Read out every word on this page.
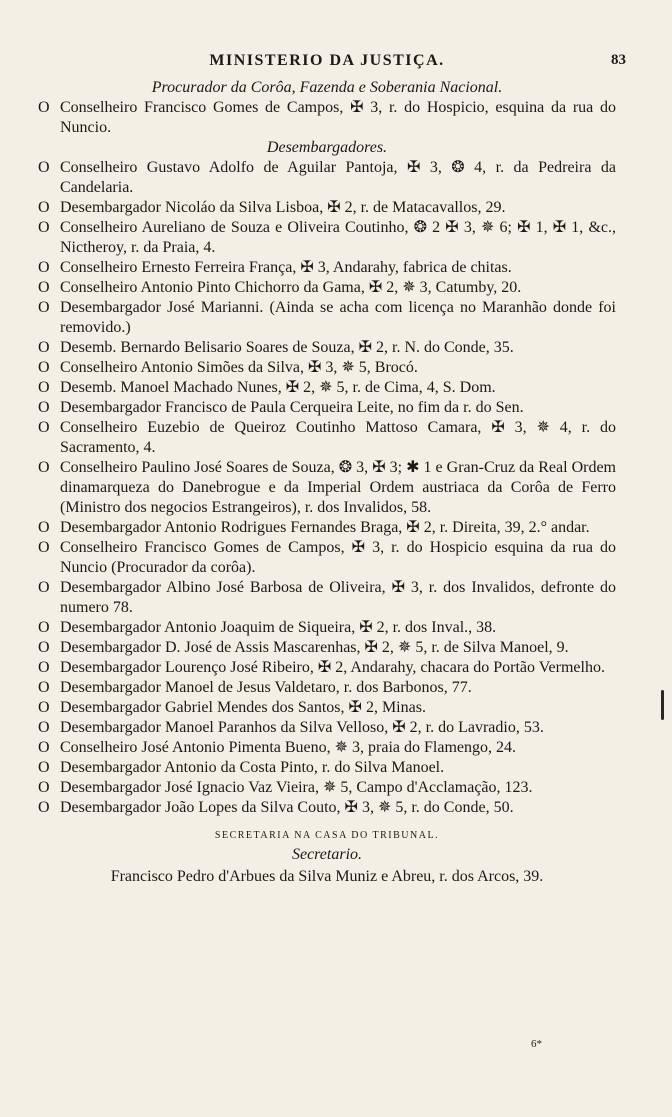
MINISTERIO DA JUSTIÇA.	83
Procurador da Corôa, Fazenda e Soberania Nacional.
O Conselheiro Francisco Gomes de Campos, ✠ 3, r. do Hospicio, esquina da rua do Nuncio.
Desembargadores.
O Conselheiro Gustavo Adolfo de Aguilar Pantoja, ✠ 3, ❂ 4, r. da Pedreira da Candelaria.
O Desembargador Nicoláo da Silva Lisboa, ✠ 2, r. de Matacavallos, 29.
O Conselheiro Aureliano de Souza e Oliveira Coutinho, ❂ 2 ✠ 3, ✵ 6; ✠ 1, ✠ 1, &c., Nictheroy, r. da Praia, 4.
O Conselheiro Ernesto Ferreira França, ✠ 3, Andarahy, fabrica de chitas.
O Conselheiro Antonio Pinto Chichorro da Gama, ✠ 2, ✵ 3, Catumby, 20.
O Desembargador José Marianni. (Ainda se acha com licença no Maranhão donde foi removido.)
O Desemb. Bernardo Belisario Soares de Souza, ✠ 2, r. N. do Conde, 35.
O Conselheiro Antonio Simões da Silva, ✠ 3, ✵ 5, Brocó.
O Desemb. Manoel Machado Nunes, ✠ 2, ✵ 5, r. de Cima, 4, S. Dom.
O Desembargador Francisco de Paula Cerqueira Leite, no fim da r. do Sen.
O Conselheiro Euzebio de Queiroz Coutinho Mattoso Camara, ✠ 3, ✵ 4, r. do Sacramento, 4.
O Conselheiro Paulino José Soares de Souza, ❂ 3, ✠ 3; ✱ 1 e Gran-Cruz da Real Ordem dinamarqueza do Danebrogue e da Imperial Ordem austriaca da Corôa de Ferro (Ministro dos negocios Estrangeiros), r. dos Invalidos, 58.
O Desembargador Antonio Rodrigues Fernandes Braga, ✠ 2, r. Direita, 39, 2.° andar.
O Conselheiro Francisco Gomes de Campos, ✠ 3, r. do Hospicio esquina da rua do Nuncio (Procurador da corôa).
O Desembargador Albino José Barbosa de Oliveira, ✠ 3, r. dos Invalidos, defronte do numero 78.
O Desembargador Antonio Joaquim de Siqueira, ✠ 2, r. dos Inval., 38.
O Desembargador D. José de Assis Mascarenhas, ✠ 2, ✵ 5, r. de Silva Manoel, 9.
O Desembargador Lourenço José Ribeiro, ✠ 2, Andarahy, chacara do Portão Vermelho.
O Desembargador Manoel de Jesus Valdetaro, r. dos Barbonos, 77.
O Desembargador Gabriel Mendes dos Santos, ✠ 2, Minas.
O Desembargador Manoel Paranhos da Silva Velloso, ✠ 2, r. do Lavradio, 53.
O Conselheiro José Antonio Pimenta Bueno, ✵ 3, praia do Flamengo, 24.
O Desembargador Antonio da Costa Pinto, r. do Silva Manoel.
O Desembargador José Ignacio Vaz Vieira, ✵ 5, Campo d'Acclamação, 123.
O Desembargador João Lopes da Silva Couto, ✠ 3, ✵ 5, r. do Conde, 50.
SECRETARIA NA CASA DO TRIBUNAL.
Secretario.
Francisco Pedro d'Arbues da Silva Muniz e Abreu, r. dos Arcos, 39.
6*
